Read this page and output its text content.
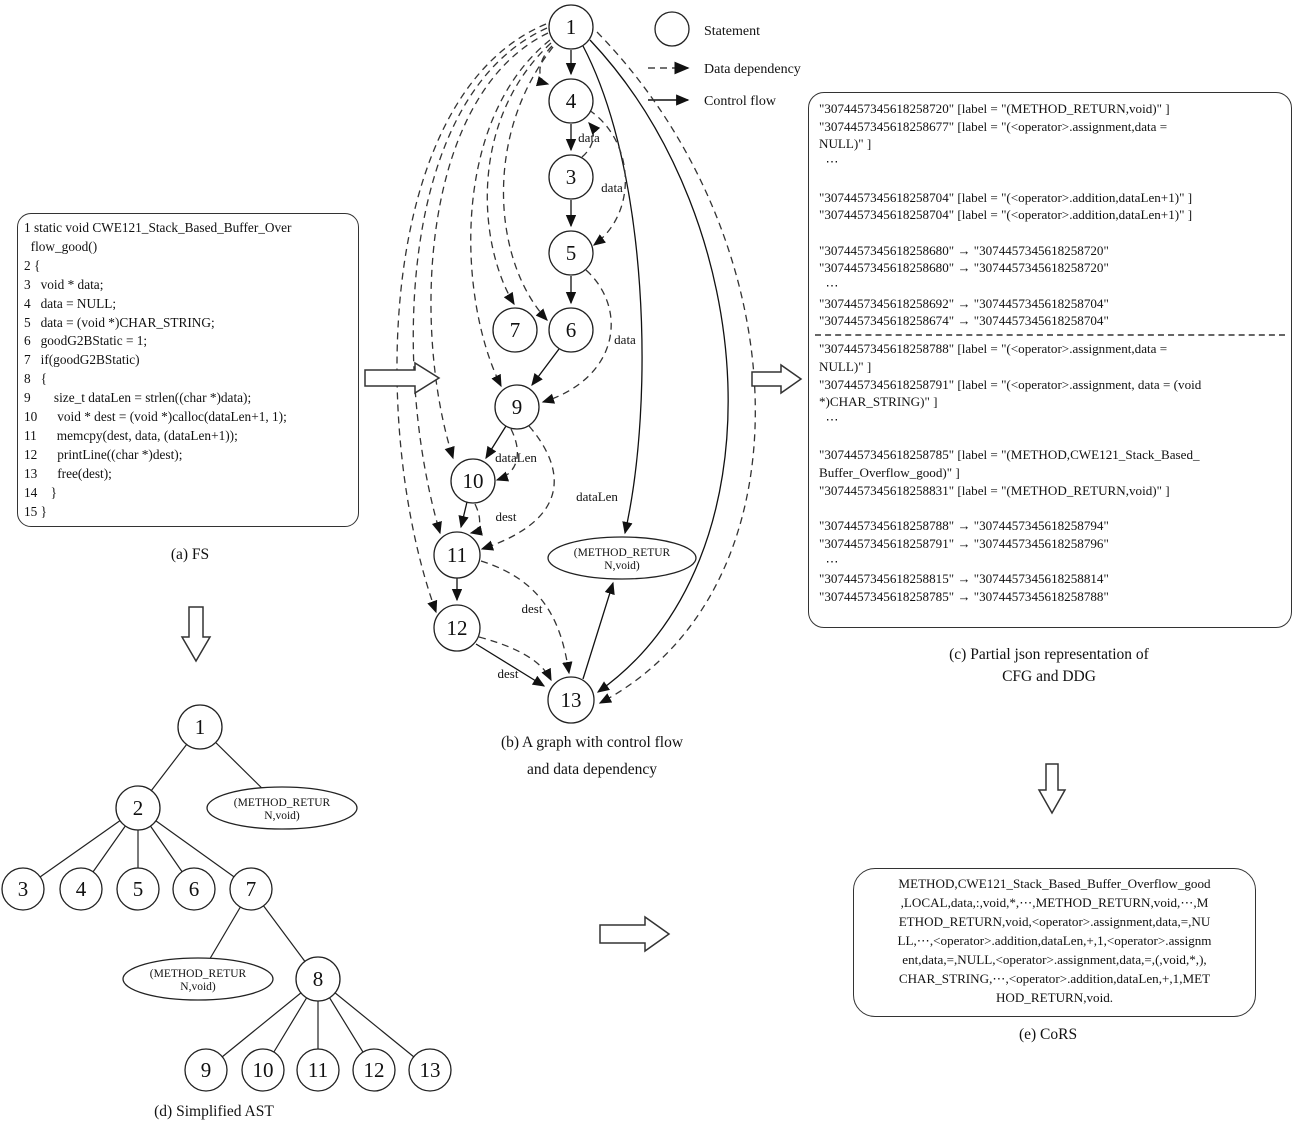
Statement
Data dependency
Control flow
data
data
data
dataLen
dataLen
dest
dest
dest
1
4
3
5
7 6
9
10
11
12
13
(METHOD_RETUR
N,void)
1
2	(METHOD_RETUR
N,void)
3 4 5 6 7
(METHOD_RETUR
N,void)	8
9 10 11 12 13
1 static void CWE121_Stack_Based_Buffer_Over
flow_good()
2 {
3   void * data;
4   data = NULL;
5   data = (void *)CHAR_STRING;
6   goodG2BStatic = 1;
7   if(goodG2BStatic)
8   {
9       size_t dataLen = strlen((char *)data);
10      void * dest = (void *)calloc(dataLen+1, 1);
11      memcpy(dest, data, (dataLen+1));
12      printLine((char *)dest);
13      free(dest);
14    }
15 }
(a) FS
(b) A graph with control flow
and data dependency
"3074457345618258720" [label = "(METHOD_RETURN,void)" ]
"3074457345618258677" [label = "(<operator>.assignment,data =
NULL)" ]
⋯
"3074457345618258704" [label = "(<operator>.addition,dataLen+1)" ]
"3074457345618258704" [label = "(<operator>.addition,dataLen+1)" ]
"3074457345618258680" → "3074457345618258720"
"3074457345618258680" → "3074457345618258720"
⋯
"3074457345618258692" → "3074457345618258704"
"3074457345618258674" → "3074457345618258704"
"3074457345618258788" [label = "(<operator>.assignment,data =
NULL)" ]
"3074457345618258791" [label = "(<operator>.assignment, data = (void
*)CHAR_STRING)" ]
⋯
"3074457345618258785" [label = "(METHOD,CWE121_Stack_Based_
Buffer_Overflow_good)" ]
"3074457345618258831" [label = "(METHOD_RETURN,void)" ]
"3074457345618258788" → "3074457345618258794"
"3074457345618258791" → "3074457345618258796"
⋯
"3074457345618258815" → "3074457345618258814"
"3074457345618258785" → "3074457345618258788"
(c) Partial json representation of
CFG and DDG
(d) Simplified AST
METHOD,CWE121_Stack_Based_Buffer_Overflow_good
,LOCAL,data,:,void,*,⋯,METHOD_RETURN,void,⋯,M
ETHOD_RETURN,void,<operator>.assignment,data,=,NU
LL,⋯,<operator>.addition,dataLen,+,1,<operator>.assignm
ent,data,=,NULL,<operator>.assignment,data,=,(,void,*,),
CHAR_STRING,⋯,<operator>.addition,dataLen,+,1,MET
HOD_RETURN,void.
(e) CoRS
